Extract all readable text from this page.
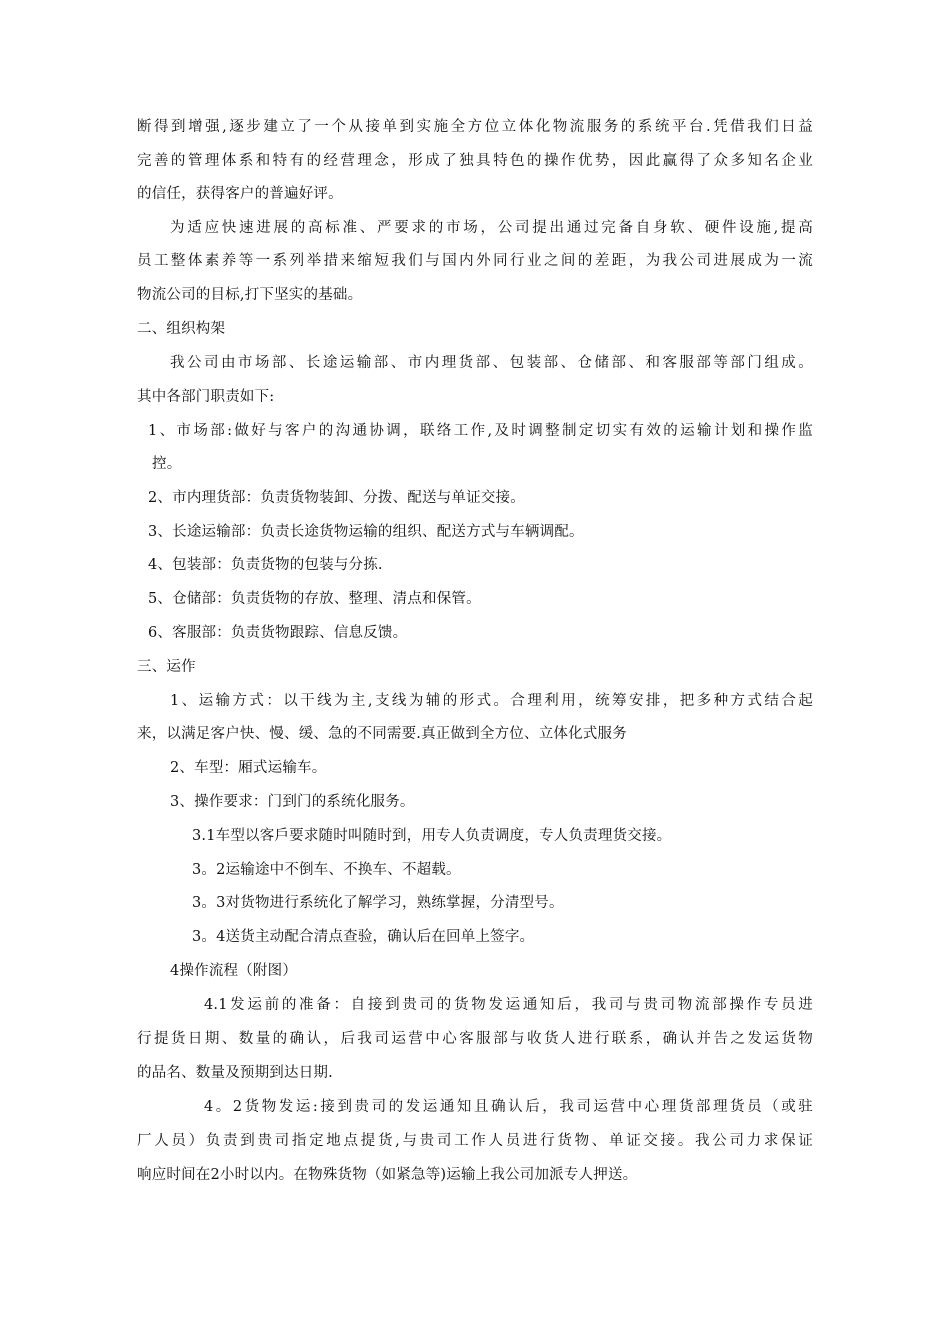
断得到增强,逐步建立了一个从接单到实施全方位立体化物流服务的系统平台.凭借我们日益
完善的管理体系和特有的经营理念，形成了独具特色的操作优势，因此赢得了众多知名企业
的信任，获得客户的普遍好评。
为适应快速进展的高标准、严要求的市场，公司提出通过完备自身软、硬件设施,提高
员工整体素养等一系列举措来缩短我们与国内外同行业之间的差距，为我公司进展成为一流
物流公司的目标,打下坚实的基础。
二、组织构架
我公司由市场部、长途运输部、市内理货部、包装部、仓储部、和客服部等部门组成。
其中各部门职责如下:
1、市场部:做好与客户的沟通协调，联络工作,及时调整制定切实有效的运输计划和操作监
控。
2、市内理货部：负责货物装卸、分拨、配送与单证交接。
3、长途运输部：负责长途货物运输的组织、配送方式与车辆调配。
4、包装部：负责货物的包装与分拣.
5、仓储部：负责货物的存放、整理、清点和保管。
6、客服部：负责货物跟踪、信息反馈。
三、运作
1、运输方式：以干线为主,支线为辅的形式。合理利用，统筹安排，把多种方式结合起
来，以满足客户快、慢、缓、急的不同需要.真正做到全方位、立体化式服务
2、车型：厢式运输车。
3、操作要求：门到门的系统化服务。
3.1车型以客戶要求随时叫随时到，用专人负责调度，专人负责理货交接。
3。2运输途中不倒车、不换车、不超载。
3。3对货物进行系统化了解学习，熟练掌握，分清型号。
3。4送货主动配合清点查验，确认后在回单上签字。
4操作流程（附图）
4.1发运前的准备：自接到贵司的货物发运通知后，我司与贵司物流部操作专员进
行提货日期、数量的确认，后我司运营中心客服部与收货人进行联系，确认并告之发运货物
的品名、数量及预期到达日期.
4。2货物发运:接到贵司的发运通知且确认后，我司运营中心理货部理货员（或驻
厂人员）负责到贵司指定地点提货,与贵司工作人员进行货物、单证交接。我公司力求保证
响应时间在2小时以内。在物殊货物（如紧急等)运输上我公司加派专人押送。
